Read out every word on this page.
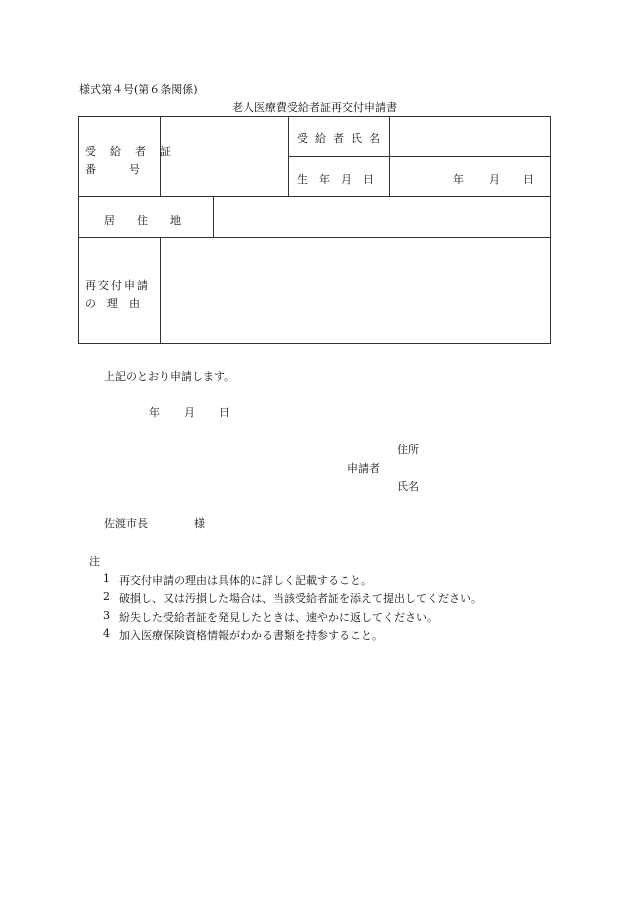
様式第４号(第６条関係)
老人医療費受給者証再交付申請書
受給者証
番　　　号
受給者氏名
生　年　月　日	年 月 日
居　　住　　地
再交付申請
の　理　由
上記のとおり申請します。
年 月 日
住所
申請者
氏名
佐渡市長	様
注
1 再交付申請の理由は具体的に詳しく記載すること。
2 破損し、又は汚損した場合は、当該受給者証を添えて提出してください。
3 紛失した受給者証を発見したときは、速やかに返してください。
4 加入医療保険資格情報がわかる書類を持参すること。
